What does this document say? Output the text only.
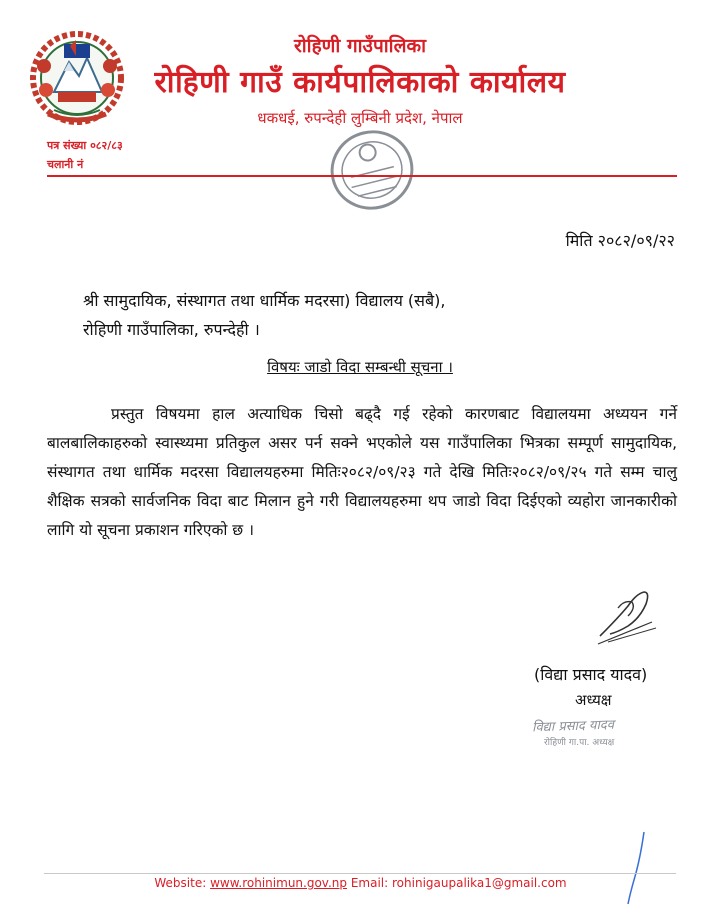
रोहिणी गाउँपालिका
रोहिणी गाउँ कार्यपालिकाको कार्यालय
धकधई, रुपन्देही लुम्बिनी प्रदेश, नेपाल
पत्र संख्या ०८२/८३
चलानी नं
मिति २०८२/०९/२२
श्री सामुदायिक, संस्थागत तथा धार्मिक मदरसा) विद्यालय (सबै),
रोहिणी गाउँपालिका, रुपन्देही ।
विषयः जाडो विदा सम्बन्धी सूचना ।
प्रस्तुत विषयमा हाल अत्याधिक चिसो बढ्दै गई रहेको कारणबाट विद्यालयमा अध्ययन गर्ने बालबालिकाहरुको स्वास्थ्यमा प्रतिकुल असर पर्न सक्ने भएकोले यस गाउँपालिका भित्रका सम्पूर्ण सामुदायिक, संस्थागत तथा धार्मिक मदरसा विद्यालयहरुमा मितिः२०८२/०९/२३ गते देखि मितिः२०८२/०९/२५ गते सम्म चालु शैक्षिक सत्रको सार्वजनिक विदा बाट मिलान हुने गरी विद्यालयहरुमा थप जाडो विदा दिईएको व्यहोरा जानकारीको लागि यो सूचना प्रकाशन गरिएको छ ।
(विद्या प्रसाद यादव)
अध्यक्ष
विद्या प्रसाद यादव
रोहिणी गा.पा. अध्यक्ष
Website: www.rohinimun.gov.np Email: rohinigaupalika1@gmail.com
